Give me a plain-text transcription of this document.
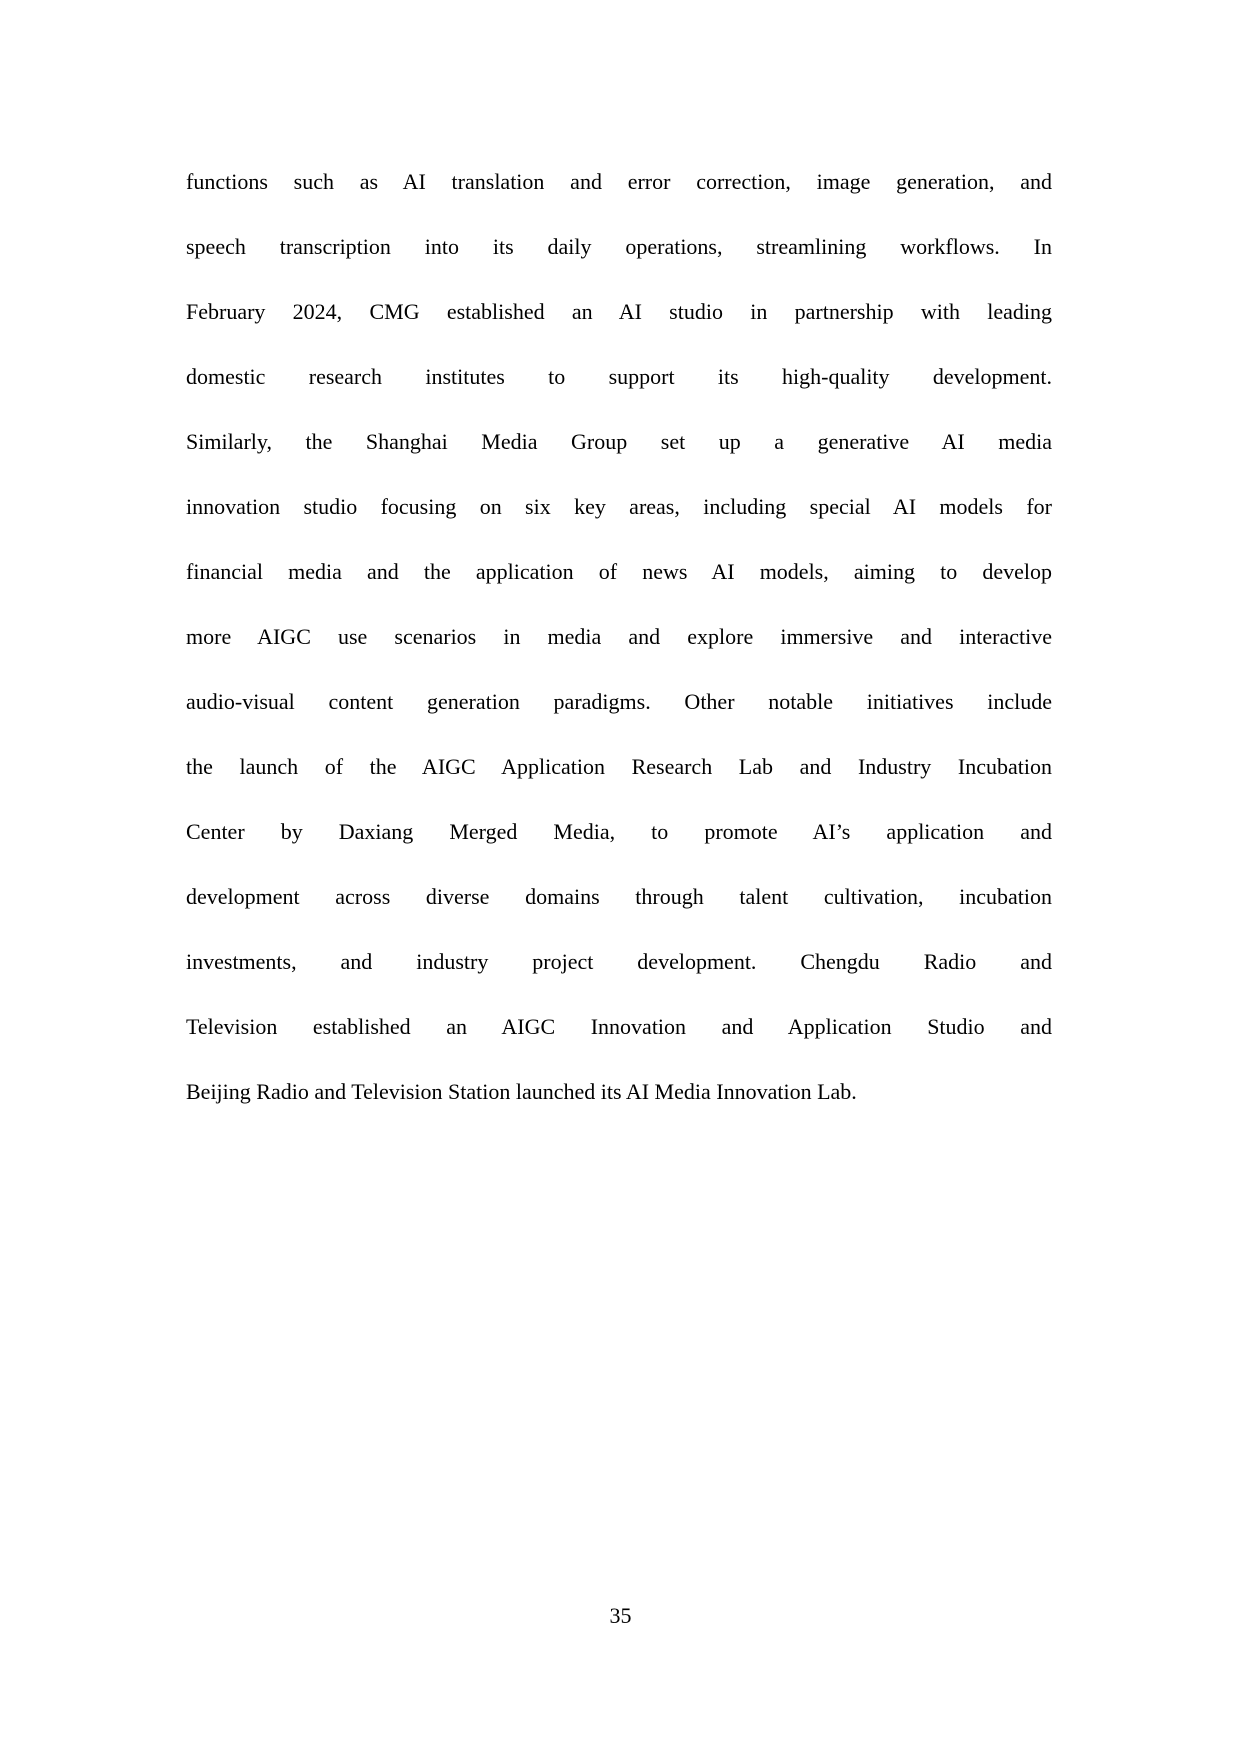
functions such as AI translation and error correction, image generation, and
speech transcription into its daily operations, streamlining workflows. In
February 2024, CMG established an AI studio in partnership with leading
domestic research institutes to support its high-quality development.
Similarly, the Shanghai Media Group set up a generative AI media
innovation studio focusing on six key areas, including special AI models for
financial media and the application of news AI models, aiming to develop
more AIGC use scenarios in media and explore immersive and interactive
audio-visual content generation paradigms. Other notable initiatives include
the launch of the AIGC Application Research Lab and Industry Incubation
Center by Daxiang Merged Media, to promote AI’s application and
development across diverse domains through talent cultivation, incubation
investments, and industry project development. Chengdu Radio and
Television established an AIGC Innovation and Application Studio and
Beijing Radio and Television Station launched its AI Media Innovation Lab.
35
